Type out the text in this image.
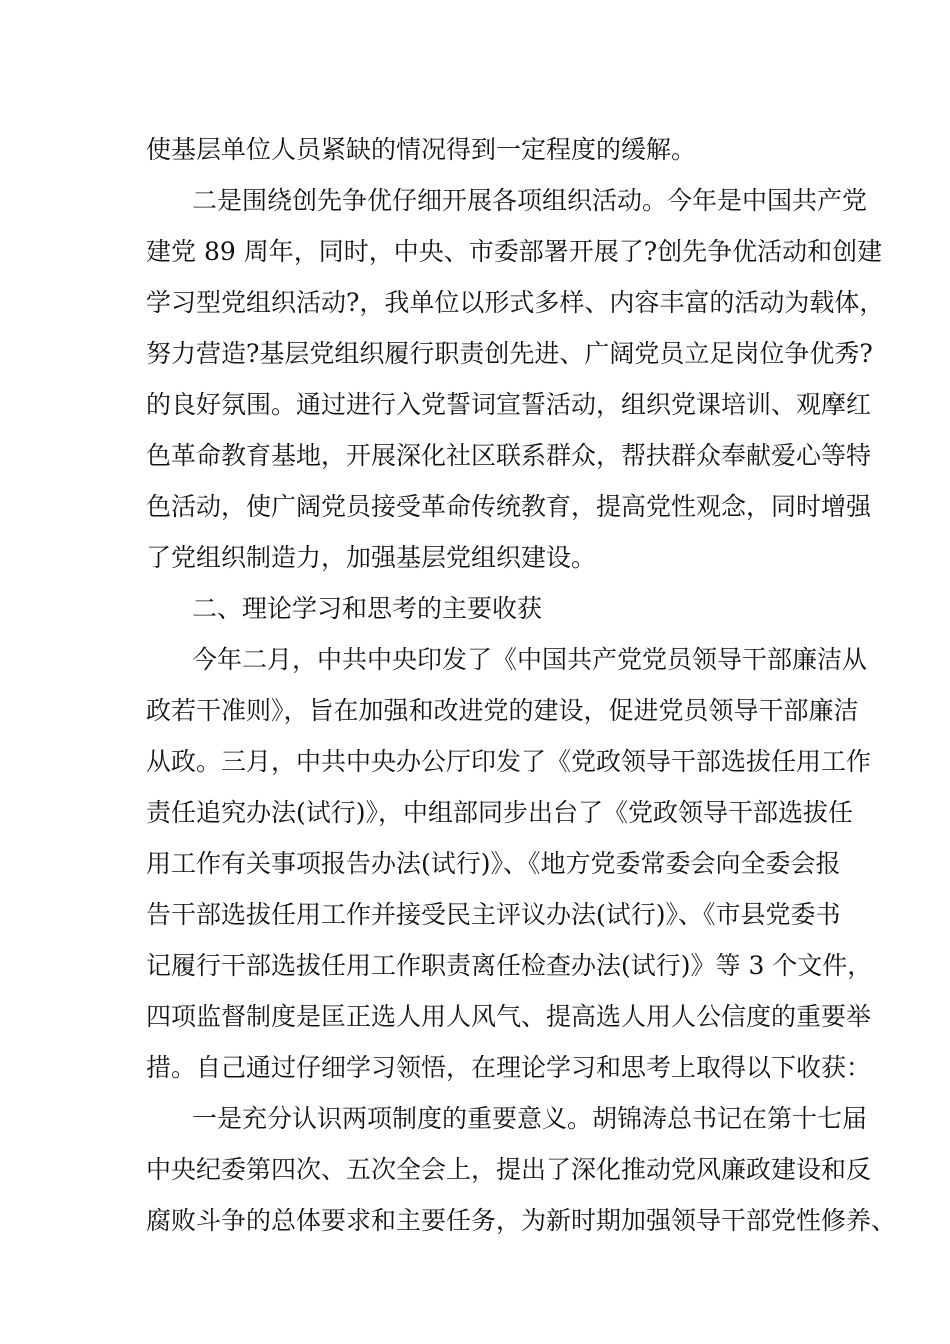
使基层单位人员紧缺的情况得到一定程度的缓解。
二是围绕创先争优仔细开展各项组织活动。今年是中国共产党
建党 89 周年，同时，中央、市委部署开展了?创先争优活动和创建
学习型党组织活动?，我单位以形式多样、内容丰富的活动为载体，
努力营造?基层党组织履行职责创先进、广阔党员立足岗位争优秀?
的良好氛围。通过进行入党誓词宣誓活动，组织党课培训、观摩红
色革命教育基地，开展深化社区联系群众，帮扶群众奉献爱心等特
色活动，使广阔党员接受革命传统教育，提高党性观念，同时增强
了党组织制造力，加强基层党组织建设。
二、理论学习和思考的主要收获
今年二月，中共中央印发了《中国共产党党员领导干部廉洁从
政若干准则》，旨在加强和改进党的建设，促进党员领导干部廉洁
从政。三月，中共中央办公厅印发了《党政领导干部选拔任用工作
责任追究办法(试行)》，中组部同步出台了《党政领导干部选拔任
用工作有关事项报告办法(试行)》、《地方党委常委会向全委会报
告干部选拔任用工作并接受民主评议办法(试行)》、《市县党委书
记履行干部选拔任用工作职责离任检查办法(试行)》等 3 个文件，
四项监督制度是匡正选人用人风气、提高选人用人公信度的重要举
措。自己通过仔细学习领悟，在理论学习和思考上取得以下收获：
一是充分认识两项制度的重要意义。胡锦涛总书记在第十七届
中央纪委第四次、五次全会上，提出了深化推动党风廉政建设和反
腐败斗争的总体要求和主要任务，为新时期加强领导干部党性修养、
